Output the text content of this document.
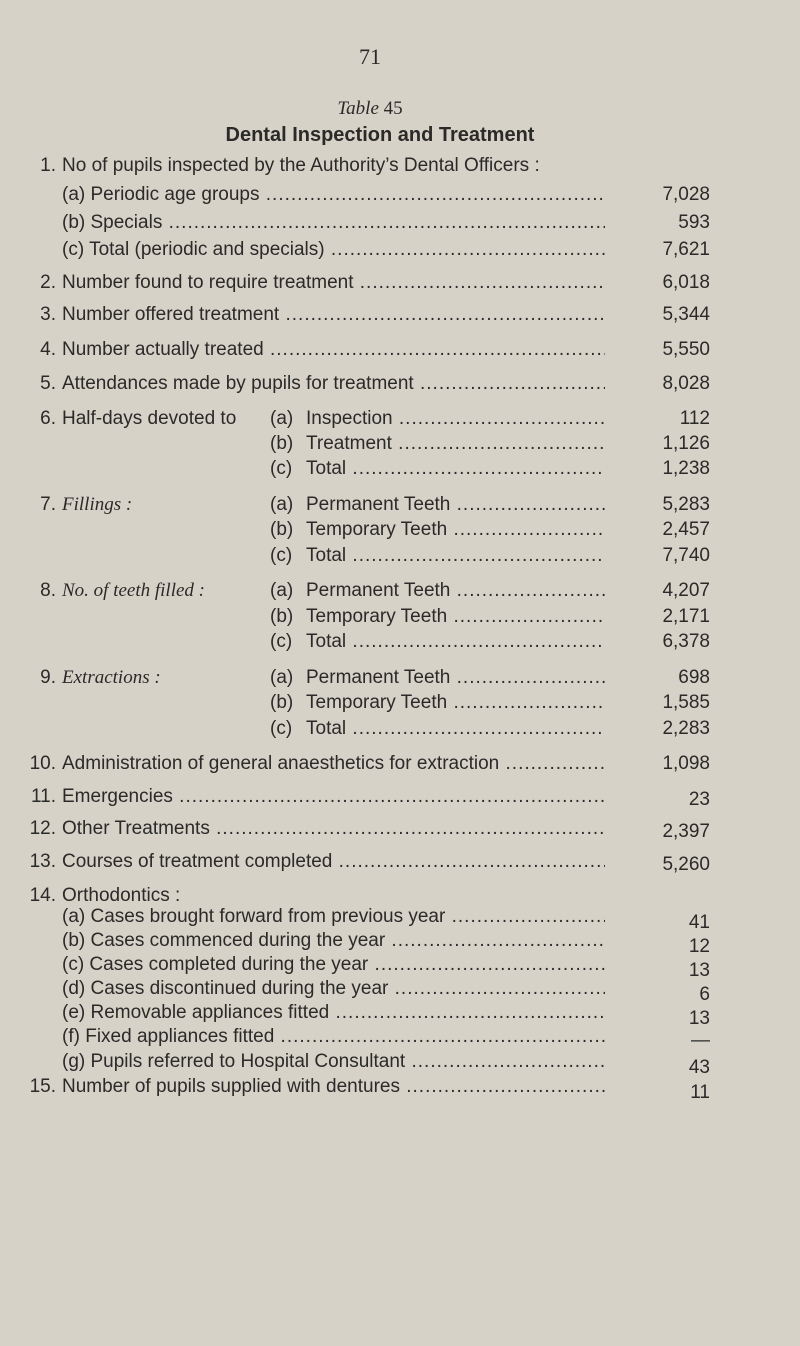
71
Table 45
Dental Inspection and Treatment
1. No of pupils inspected by the Authority’s Dental Officers :
(a) Periodic age groups .....	7,028
(b) Specials .....	593
(c) Total (periodic and specials) .....	7,621
2. Number found to require treatment .....	6,018
3. Number offered treatment .....	5,344
4. Number actually treated .....	5,550
5. Attendances made by pupils for treatment .....	8,028
6. Half-days devoted to	(a) Inspection .....	112
(b) Treatment .....	1,126
(c) Total .....	1,238
7. Fillings :	(a) Permanent Teeth .....	5,283
(b) Temporary Teeth .....	2,457
(c) Total .....	7,740
8. No. of teeth filled :	(a) Permanent Teeth .....	4,207
(b) Temporary Teeth .....	2,171
(c) Total .....	6,378
9. Extractions :	(a) Permanent Teeth .....	698
(b) Temporary Teeth .....	1,585
(c) Total .....	2,283
10. Administration of general anaesthetics for extraction .....	1,098
11. Emergencies .....	23
12. Other Treatments .....	2,397
13. Courses of treatment completed .....	5,260
14. Orthodontics :
(a) Cases brought forward from previous year .....	41
(b) Cases commenced during the year .....	12
(c) Cases completed during the year .....	13
(d) Cases discontinued during the year .....	6
(e) Removable appliances fitted .....	13
(f) Fixed appliances fitted .....	—
(g) Pupils referred to Hospital Consultant .....	43
15. Number of pupils supplied with dentures .....	11
